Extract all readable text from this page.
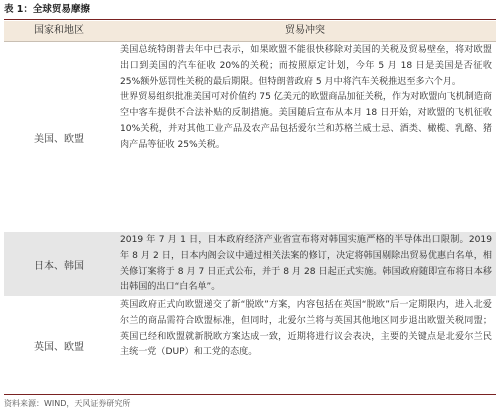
表 1：全球贸易摩擦
国家和地区	贸易冲突
美国、欧盟

美国总统特朗普去年中已表示，如果欧盟不能很快移除对美国的关税及贸易壁垒，将对欧盟出口到美国的汽车征收 20%的关税；而按照原定计划，今年 5 月 18 日是美国是否征收 25%额外惩罚性关税的最后期限。但特朗普政府 5 月中将汽车关税推迟至多六个月。

世界贸易组织批准美国可对价值约 75 亿美元的欧盟商品加征关税，作为对欧盟向飞机制造商空中客车提供不合法补贴的反制措施。美国随后宣布从本月 18 日开始，对欧盟的飞机征收 10%关税，并对其他工业产品及农产品包括爱尔兰和苏格兰威士忌、酒类、橄榄、乳酪、猪肉产品等征收 25%关税。

日本、韩国

2019 年 7 月 1 日，日本政府经济产业省宣布将对韩国实施严格的半导体出口限制。2019 年 8 月 2 日，日本内阁会议中通过相关法案的修订，决定将韩国剔除出贸易优惠白名单，相关修订案将于 8 月 7 日正式公布，并于 8 月 28 日起正式实施。韩国政府随即宣布将日本移出韩国的出口“白名单”。

英国、欧盟

英国政府正式向欧盟递交了新“脱欧”方案，内容包括在英国“脱欧”后一定期限内，进入北爱尔兰的商品需符合欧盟标准，但同时，北爱尔兰将与英国其他地区同步退出欧盟关税同盟；英国已经和欧盟就新脱欧方案达成一致，近期将进行议会表决，主要的关键点是北爱尔兰民主统一党（DUP）和工党的态度。

资料来源：WIND，天风证券研究所
